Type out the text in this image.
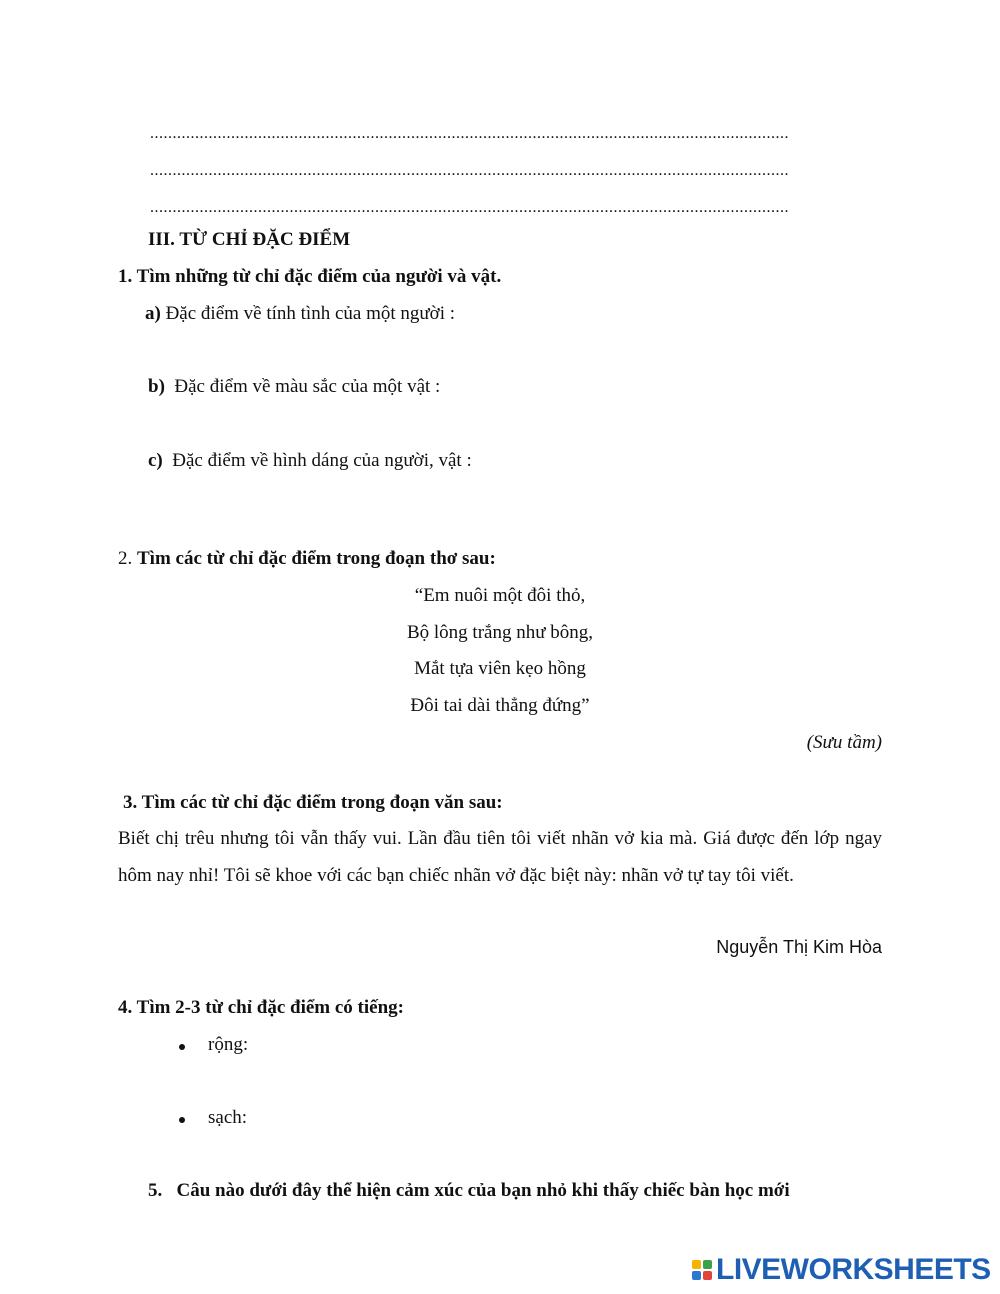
..............................................................................................................................................
..............................................................................................................................................
..............................................................................................................................................
III. TỪ CHỈ ĐẶC ĐIỂM
1. Tìm những từ chỉ đặc điểm của người và vật.
a) Đặc điểm về tính tình của một người :
b) Đặc điểm về màu sắc của một vật :
c) Đặc điểm về hình dáng của người, vật :
2. Tìm các từ chỉ đặc điểm trong đoạn thơ sau:
“Em nuôi một đôi thỏ,
Bộ lông trắng như bông,
Mắt tựa viên kẹo hồng
Đôi tai dài thẳng đứng”
(Sưu tầm)
3. Tìm các từ chỉ đặc điểm trong đoạn văn sau:
Biết chị trêu nhưng tôi vẫn thấy vui. Lần đầu tiên tôi viết nhãn vở kia mà. Giá được đến lớp ngay hôm nay nhỉ! Tôi sẽ khoe với các bạn chiếc nhãn vở đặc biệt này: nhãn vở tự tay tôi viết.
Nguyễn Thị Kim Hòa
4. Tìm 2-3 từ chỉ đặc điểm có tiếng:
rộng:
sạch:
5. Câu nào dưới đây thể hiện cảm xúc của bạn nhỏ khi thấy chiếc bàn học mới
LIVEWORKSHEETS
